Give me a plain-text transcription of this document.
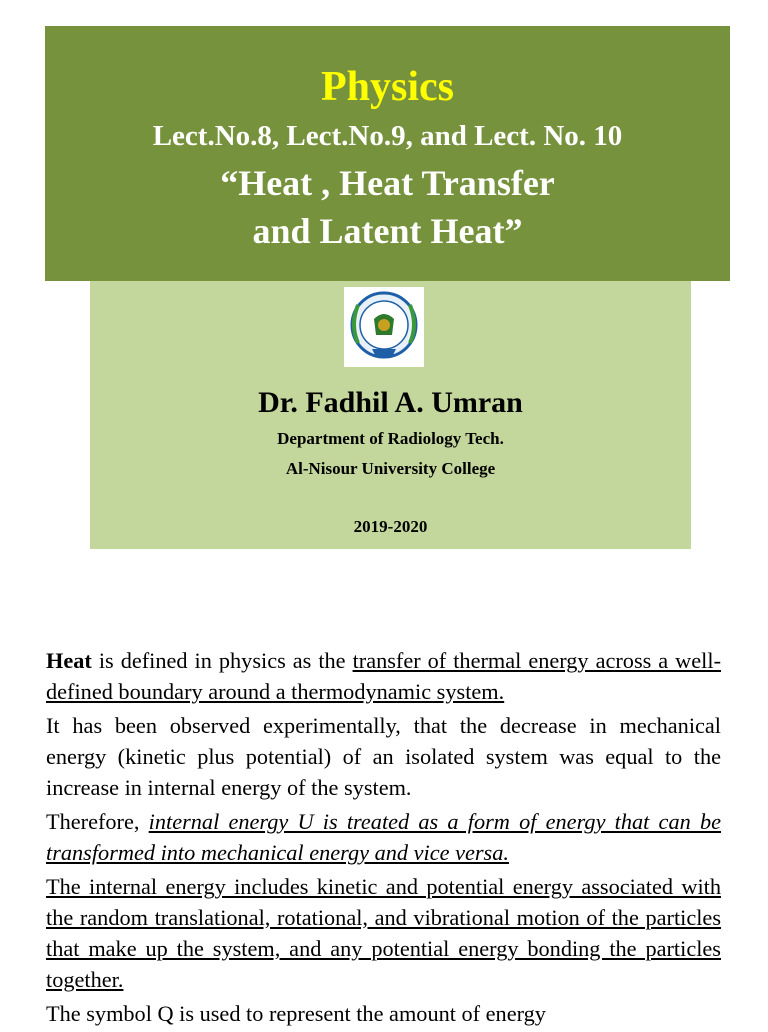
Physics
Lect.No.8, Lect.No.9, and Lect. No. 10
“Heat , Heat Transfer
and Latent Heat”
Dr. Fadhil A. Umran
Department of Radiology Tech.
Al-Nisour University College
2019-2020

Heat is defined in physics as the transfer of thermal energy across a well-defined boundary around a thermodynamic system.

It has been observed experimentally, that the decrease in mechanical energy (kinetic plus potential) of an isolated system was equal to the increase in internal energy of the system.

Therefore, internal energy U is treated as a form of energy that can be transformed into mechanical energy and vice versa.

The internal energy includes kinetic and potential energy associated with the random translational, rotational, and vibrational motion of the particles that make up the system, and any potential energy bonding the particles together.

The symbol Q is used to represent the amount of energy
